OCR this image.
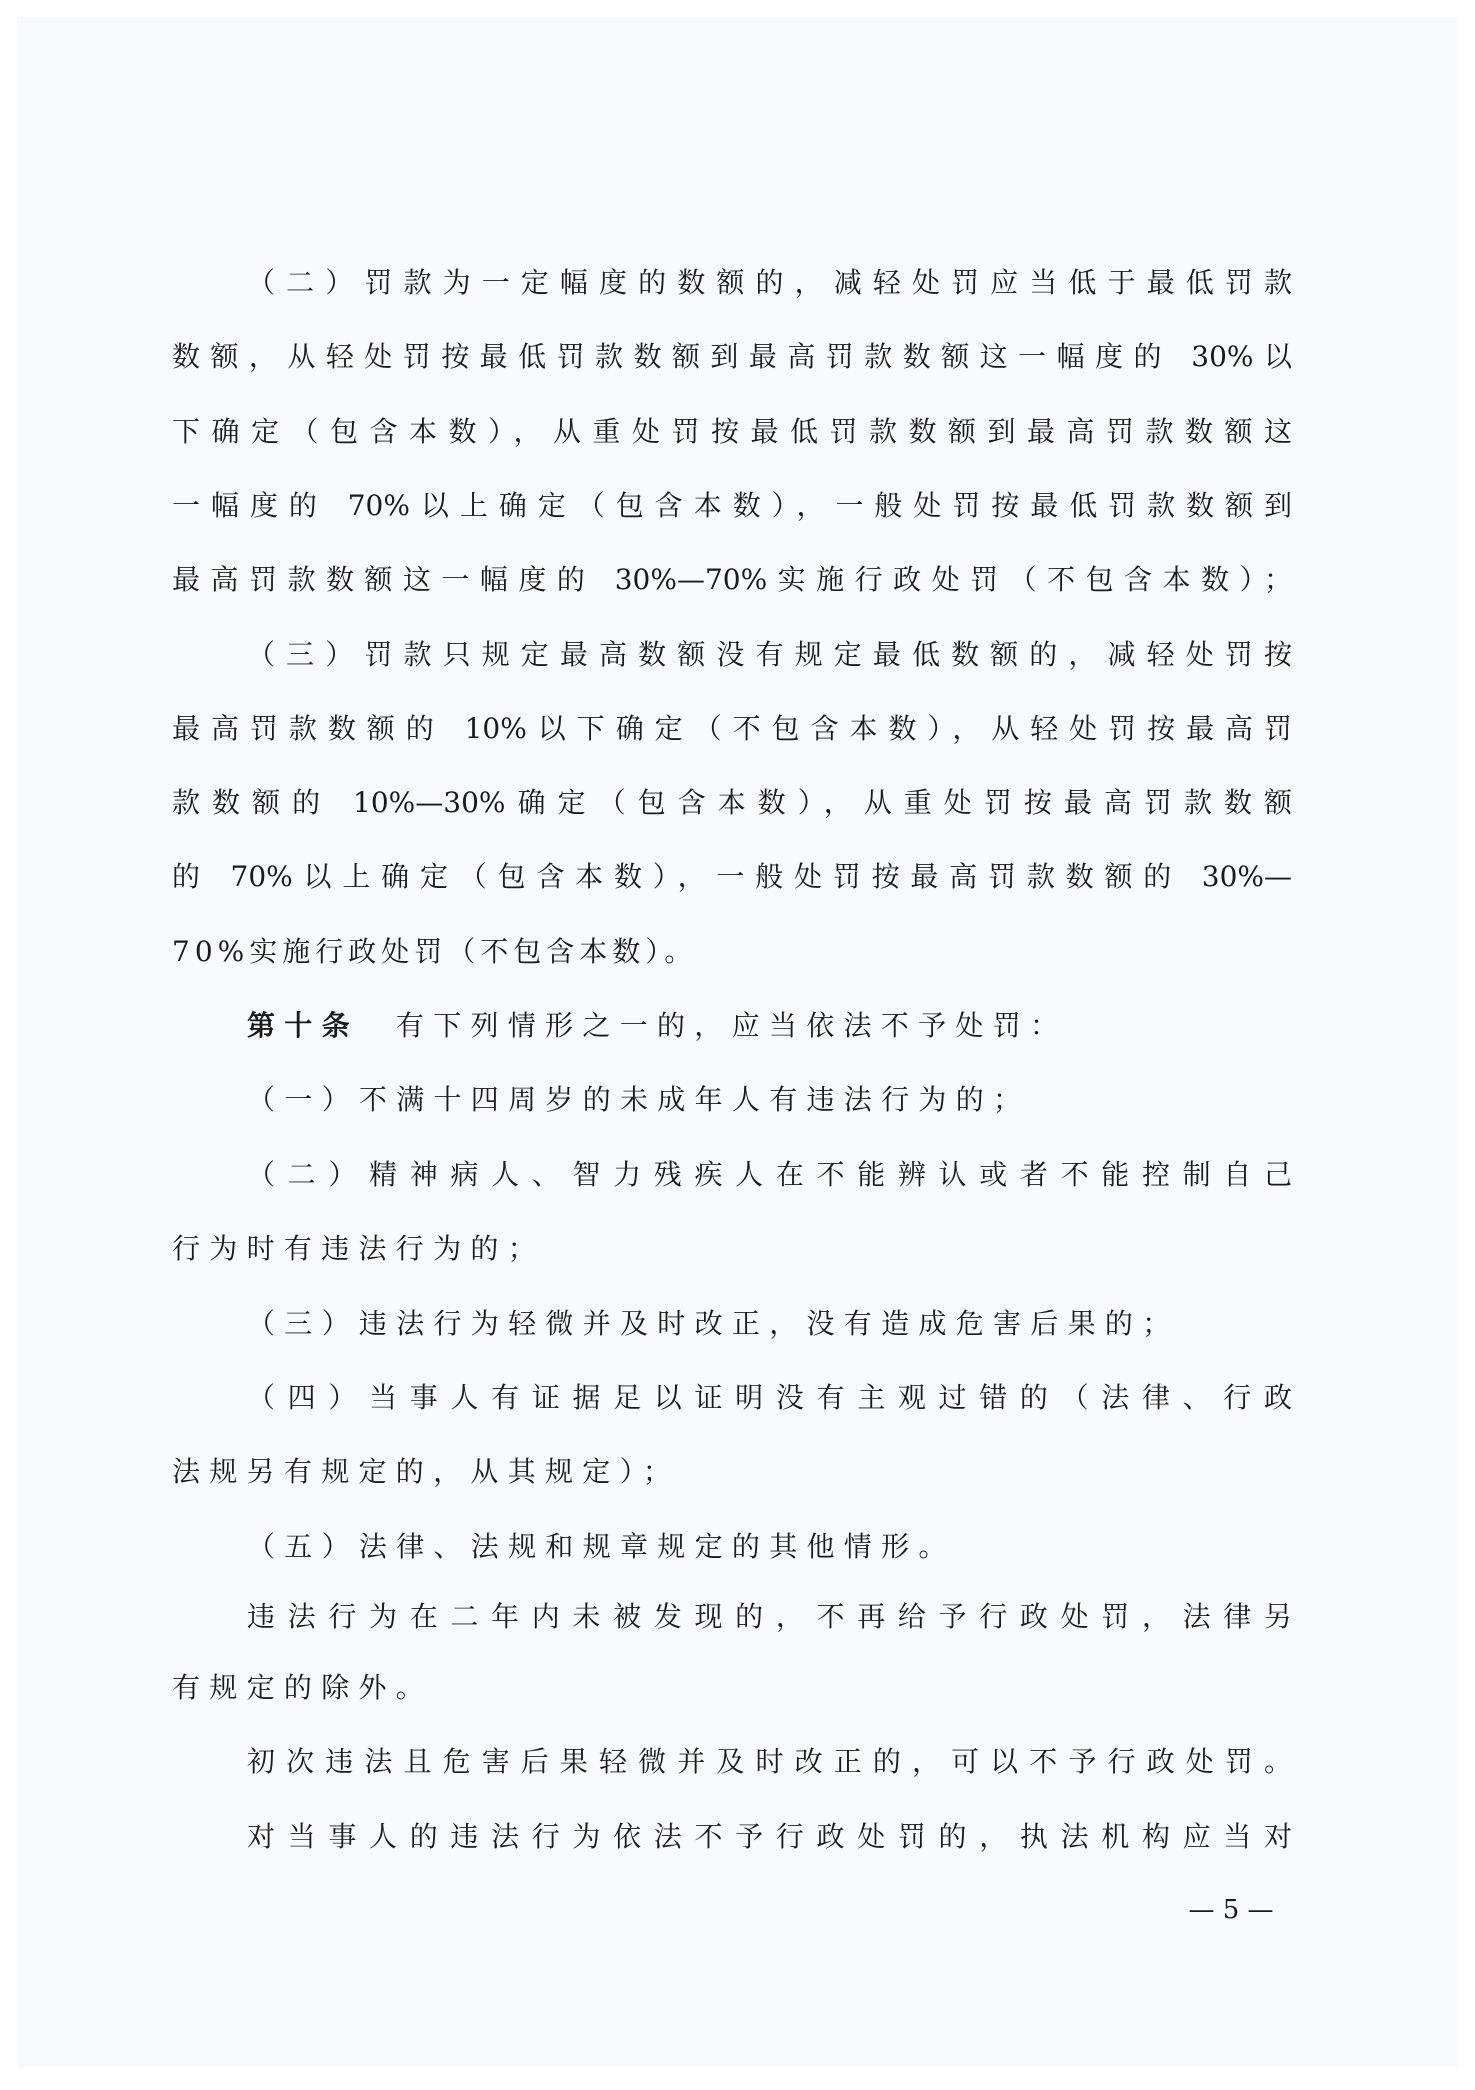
（二）罚款为一定幅度的数额的，减轻处罚应当低于最低罚款
数额，从轻处罚按最低罚款数额到最高罚款数额这一幅度的 30%以
下确定（包含本数），从重处罚按最低罚款数额到最高罚款数额这
一幅度的 70%以上确定（包含本数），一般处罚按最低罚款数额到
最高罚款数额这一幅度的 30%—70%实施行政处罚（不包含本数）；
（三）罚款只规定最高数额没有规定最低数额的，减轻处罚按
最高罚款数额的 10%以下确定（不包含本数），从轻处罚按最高罚
款数额的 10%—30%确定（包含本数），从重处罚按最高罚款数额
的 70%以上确定（包含本数），一般处罚按最高罚款数额的 30%—
70%实施行政处罚（不包含本数）。
第十条 有下列情形之一的，应当依法不予处罚：
（一）不满十四周岁的未成年人有违法行为的；
（二）精神病人、智力残疾人在不能辨认或者不能控制自己
行为时有违法行为的；
（三）违法行为轻微并及时改正，没有造成危害后果的；
（四）当事人有证据足以证明没有主观过错的（法律、行政
法规另有规定的，从其规定）；
（五）法律、法规和规章规定的其他情形。
违法行为在二年内未被发现的，不再给予行政处罚，法律另
有规定的除外。
初次违法且危害后果轻微并及时改正的，可以不予行政处罚。
对当事人的违法行为依法不予行政处罚的，执法机构应当对
— 5 —
